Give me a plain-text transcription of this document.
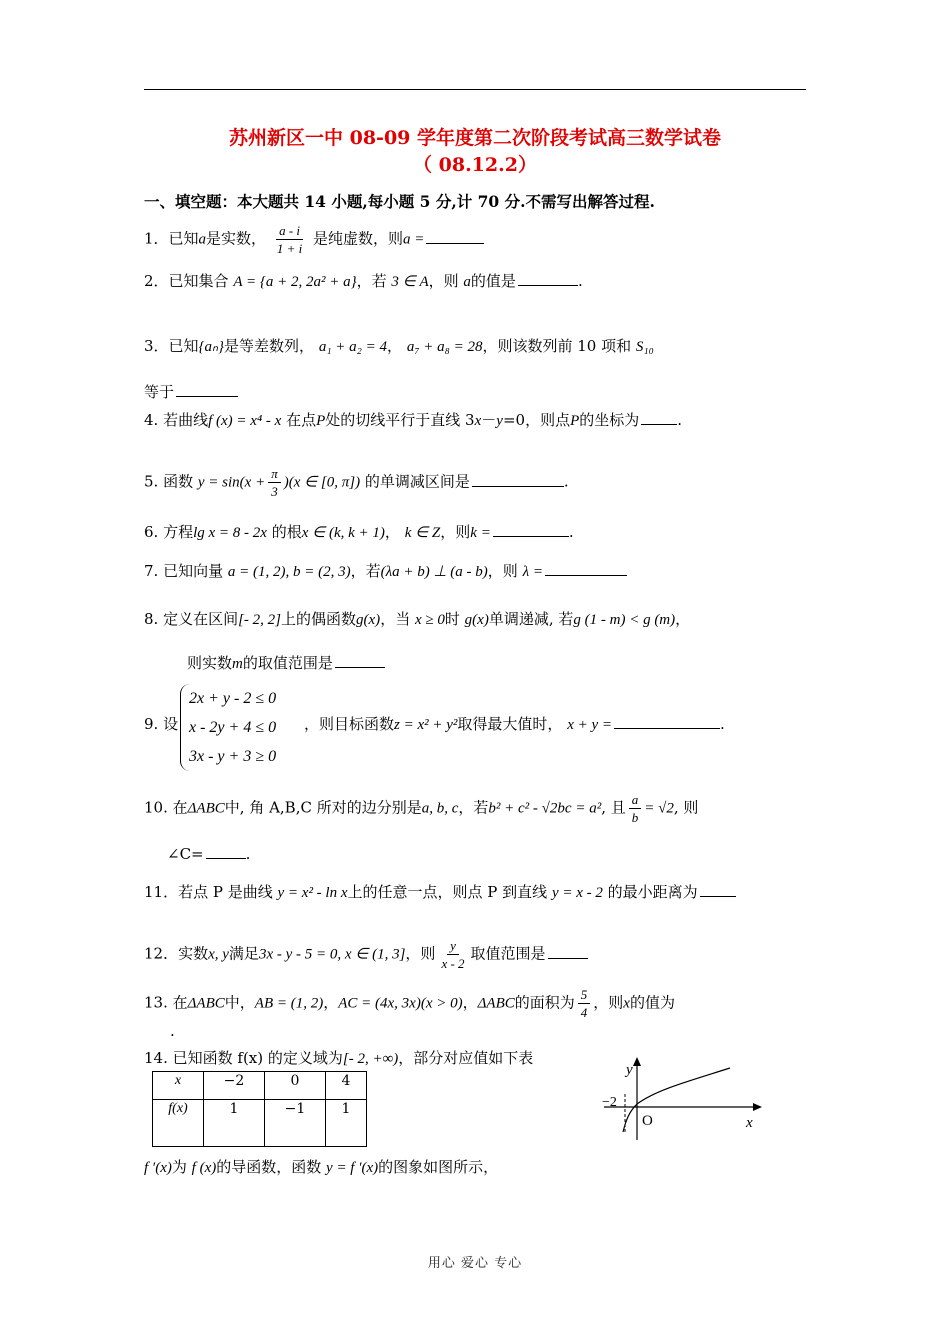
苏州新区一中 08-09 学年度第二次阶段考试高三数学试卷
（ 08.12.2）
一、填空题：本大题共 14 小题,每小题 5 分,计 70 分.不需写出解答过程.
1．已知a是实数， $\frac{a - i}{1 + i}$ 是纯虚数，则a =
2．已知集合 A = {a + 2, 2a² + a}，若 3 ∈ A，则 a的值是	.
3．已知{aₙ}是等差数列， a₁ + a₂ = 4， a₇ + a₈ = 28，则该数列前 10 项和 S₁₀
等于
4. 若曲线f (x) = x⁴ - x 在点P处的切线平行于直线 3x－y=0，则点P的坐标为	.
5. 函数 $y = \sin(x + \frac{\pi}{3} )(x$ ∈ [0, π]) 的单调减区间是	.
6. 方程lg x = 8 - 2x 的根x ∈ (k, k + 1)， k ∈ Z，则k =	.
7. 已知向量 a = (1, 2), b = (2, 3)，若(λa + b) ⊥ (a - b)，则 λ =
8. 定义在区间[- 2, 2]上的偶函数g(x)，当 x ≥ 0时 g(x)单调递减, 若g (1 - m) < g (m)，
则实数m的取值范围是
9. 设
2x + y - 2 ≤ 0
x - 2y + 4 ≤ 0
3x - y + 3 ≥ 0
，则目标函数z = x² + y²取得最大值时， x + y =	.
10. 在ΔABC中, 角 A,B,C 所对的边分别是a, b, c，若b² + c² - √2bc = a², 且 $\frac{a}{b} = √2$, 则
∠C=	.
11．若点 P 是曲线 y = x² - ln x上的任意一点，则点 P 到直线 y = x - 2 的最小距离为
12．实数x, y满足3x - y - 5 = 0, x ∈ (1, 3]，则 $\frac{y}{x - 2}$ 取值范围是
13. 在ΔABC中，AB = (1, 2)，AC = (4x, 3x)(x > 0)，ΔABC的面积为 $\frac{5}{4}$ ，则x的值为
.
14. 已知函数 f(x) 的定义域为[- 2, +∞)，部分对应值如下表
x	−2	0	4
f(x)	1	−1	1
y
x
O
−2
f ′(x)为 f (x)的导函数，函数 y = f ′(x)的图象如图所示，
用心 爱心 专心
